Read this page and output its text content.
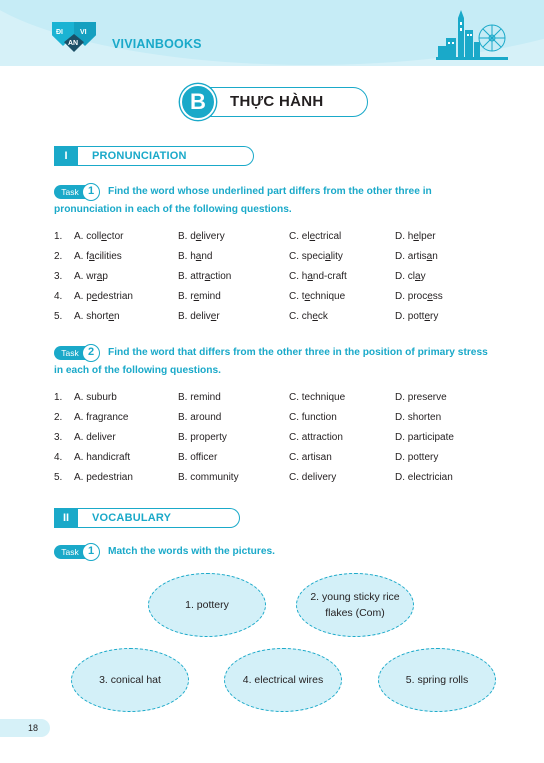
ĐI VI
AN	VIVIANBOOKS
B	THỰC HÀNH
I	PRONUNCIATION
Task 1	Find the word whose underlined part differs from the other three in
pronunciation in each of the following questions.
1. A. collector	B. delivery	C. electrical	D. helper
2. A. facilities	B. hand	C. speciality	D. artisan
3. A. wrap	B. attraction	C. hand-craft	D. clay
4. A. pedestrian	B. remind	C. technique	D. process
5. A. shorten	B. deliver	C. check	D. pottery
Task 2	Find the word that differs from the other three in the position of primary stress
in each of the following questions.
1. A. suburb	B. remind	C. technique	D. preserve
2. A. fragrance	B. around	C. function	D. shorten
3. A. deliver	B. property	C. attraction	D. participate
4. A. handicraft	B. officer	C. artisan	D. pottery
5. A. pedestrian	B. community	C. delivery	D. electrician
II	VOCABULARY
Task 1	Match the words with the pictures.
1. pottery
2. young sticky rice flakes (Com)
3. conical hat	4. electrical wires	5. spring rolls
18
